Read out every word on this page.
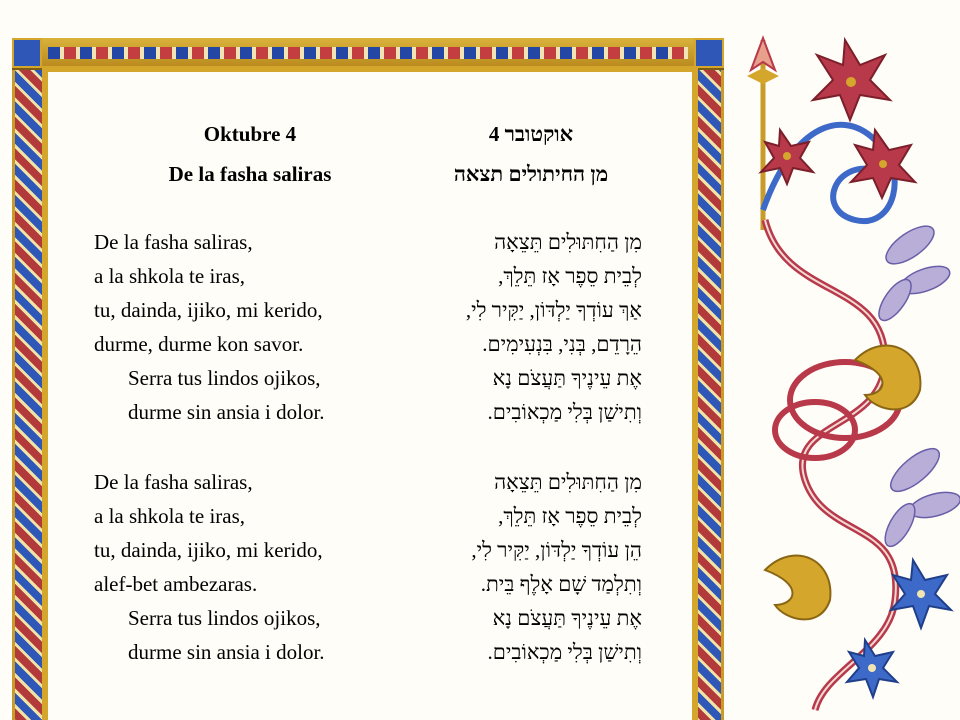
Oktubre 4	אוקטובר 4
De la fasha saliras	מן החיתולים תצאה
De la fasha saliras,	מִן הַחִתּוּלִים תֵּצֵאָה
a la shkola te iras,	לְבֵית סֵפֶר אָז תֵּלֵךְ,
tu, dainda, ijiko, mi kerido,	אַךְ עוֹדְךָ יַלְדּוֹן, יַקִּיר לִי,
durme, durme kon savor.	הֵרָדֵם, בְּנִי, בִּנְעִימִים.
Serra tus lindos ojikos,	אֶת עֵינֶיךָ תַּעֲצֹם נָא
durme sin ansia i dolor.	וְתִישַׁן בְּלִי מַכְאוֹבִים.
De la fasha saliras,	מִן הַחִתּוּלִים תֵּצֵאָה
a la shkola te iras,	לְבֵית סֵפֶר אָז תֵּלֵךְ,
tu, dainda, ijiko, mi kerido,	הֵן עוֹדְךָ יַלְדּוֹן, יַקִּיר לִי,
alef-bet ambezaras.	וְתִלְמַד שָׁם אָלֶף בֵּית.
Serra tus lindos ojikos,	אֶת עֵינֶיךָ תַּעֲצֹם נָא
durme sin ansia i dolor.	וְתִישַׁן בְּלִי מַכְאוֹבִים.
